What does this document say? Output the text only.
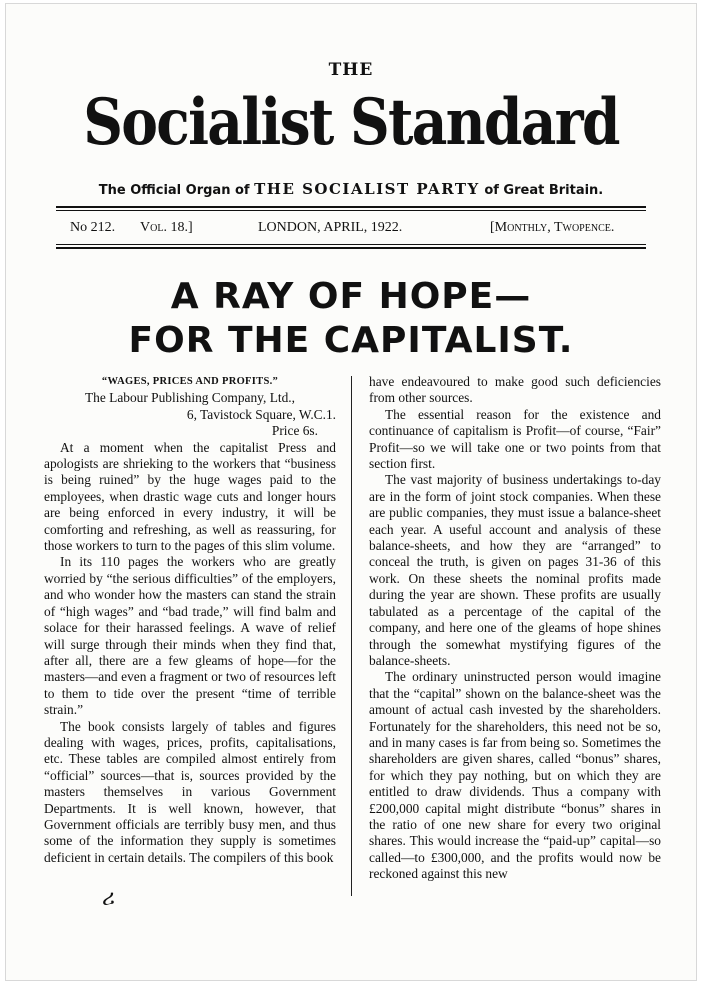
THE
Socialist Standard
The Official Organ of THE SOCIALIST PARTY of Great Britain.
No 212. Vol. 18.]	LONDON, APRIL, 1922.	[Monthly, Twopence.
A RAY OF HOPE—
FOR THE CAPITALIST.

“WAGES, PRICES AND PROFITS.”

The Labour Publishing Company, Ltd.,

6, Tavistock Square, W.C.1.

Price 6s.

At a moment when the capitalist Press and apologists are shrieking to the workers that “business is being ruined” by the huge wages paid to the employees, when drastic wage cuts and longer hours are being enforced in every industry, it will be comforting and refreshing, as well as reassuring, for those workers to turn to the pages of this slim volume.

In its 110 pages the workers who are greatly worried by “the serious difficulties” of the employers, and who wonder how the masters can stand the strain of “high wages” and “bad trade,” will find balm and solace for their harassed feelings. A wave of relief will surge through their minds when they find that, after all, there are a few gleams of hope—for the masters—and even a fragment or two of resources left to them to tide over the present “time of terrible strain.”

The book consists largely of tables and figures dealing with wages, prices, profits, capitalisations, etc. These tables are compiled almost entirely from “official” sources—that is, sources provided by the masters themselves in various Government Departments. It is well known, however, that Government officials are terribly busy men, and thus some of the information they supply is sometimes deficient in certain details. The compilers of this book

have endeavoured to make good such deficiencies from other sources.

The essential reason for the existence and continuance of capitalism is Profit—of course, “Fair” Profit—so we will take one or two points from that section first.

The vast majority of business undertakings to-day are in the form of joint stock companies. When these are public companies, they must issue a balance-sheet each year. A useful account and analysis of these balance-sheets, and how they are “arranged” to conceal the truth, is given on pages 31-36 of this work. On these sheets the nominal profits made during the year are shown. These profits are usually tabulated as a percentage of the capital of the company, and here one of the gleams of hope shines through the somewhat mystifying figures of the balance-sheets.

The ordinary uninstructed person would imagine that the “capital” shown on the balance-sheet was the amount of actual cash invested by the shareholders. Fortunately for the shareholders, this need not be so, and in many cases is far from being so. Sometimes the shareholders are given shares, called “bonus” shares, for which they pay nothing, but on which they are entitled to draw dividends. Thus a company with £200,000 capital might distribute “bonus” shares in the ratio of one new share for every two original shares. This would increase the “paid-up” capital—so called—to £300,000, and the profits would now be reckoned against this new

ሪ
